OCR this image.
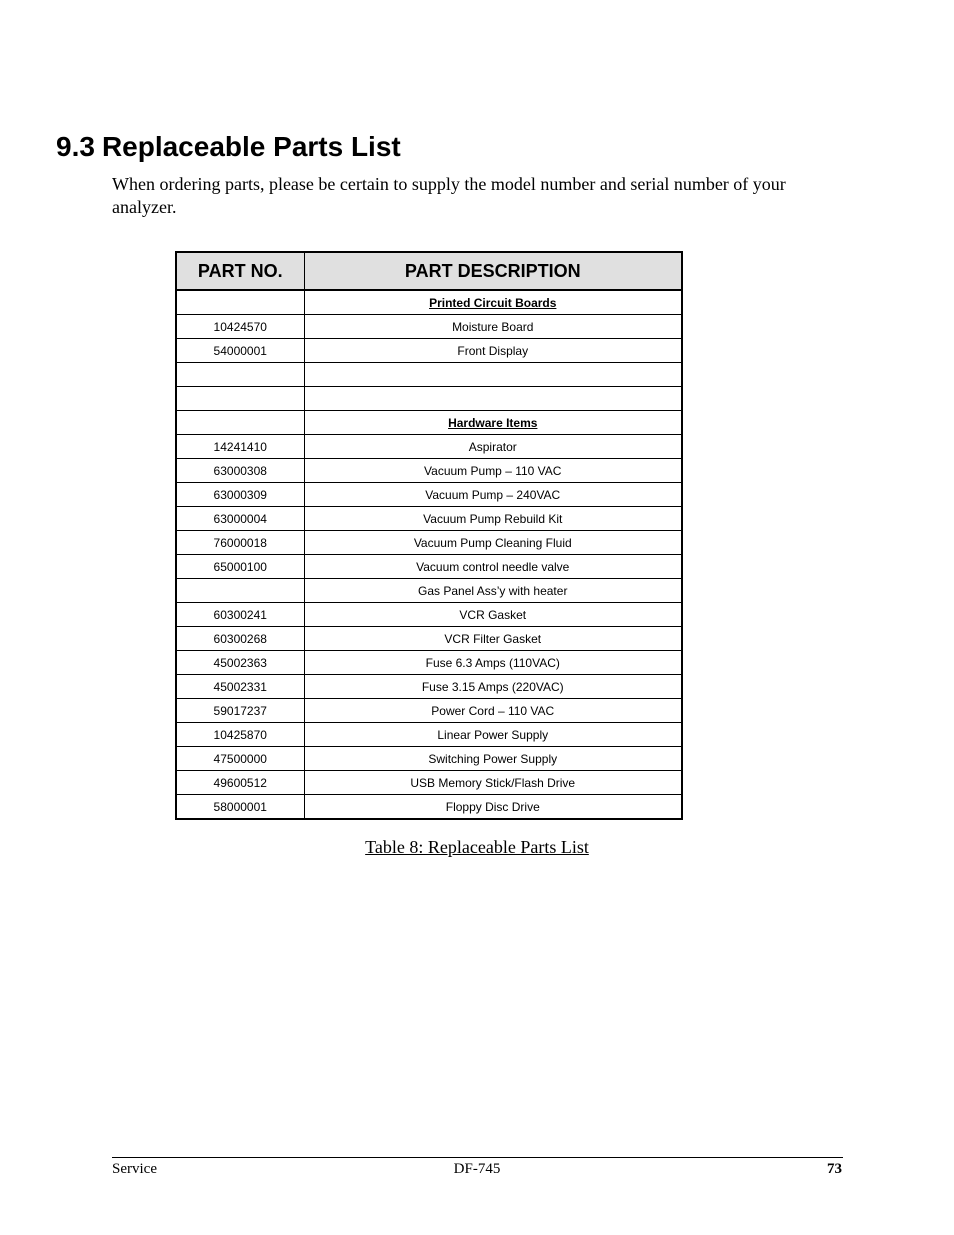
9.3 Replaceable Parts List

When ordering parts, please be certain to supply the model number and serial number of your analyzer.

PART NO.	PART DESCRIPTION
	Printed Circuit Boards
10424570	Moisture Board
54000001	Front Display

	Hardware Items
14241410	Aspirator
63000308	Vacuum Pump – 110 VAC
63000309	Vacuum Pump – 240VAC
63000004	Vacuum Pump Rebuild Kit
76000018	Vacuum Pump Cleaning Fluid
65000100	Vacuum control needle valve
	Gas Panel Ass’y with heater
60300241	VCR Gasket
60300268	VCR Filter Gasket
45002363	Fuse 6.3 Amps (110VAC)
45002331	Fuse 3.15 Amps (220VAC)
59017237	Power Cord – 110 VAC
10425870	Linear Power Supply
47500000	Switching Power Supply
49600512	USB Memory Stick/Flash Drive
58000001	Floppy Disc Drive

Table 8: Replaceable Parts List

Service	DF-745	73
